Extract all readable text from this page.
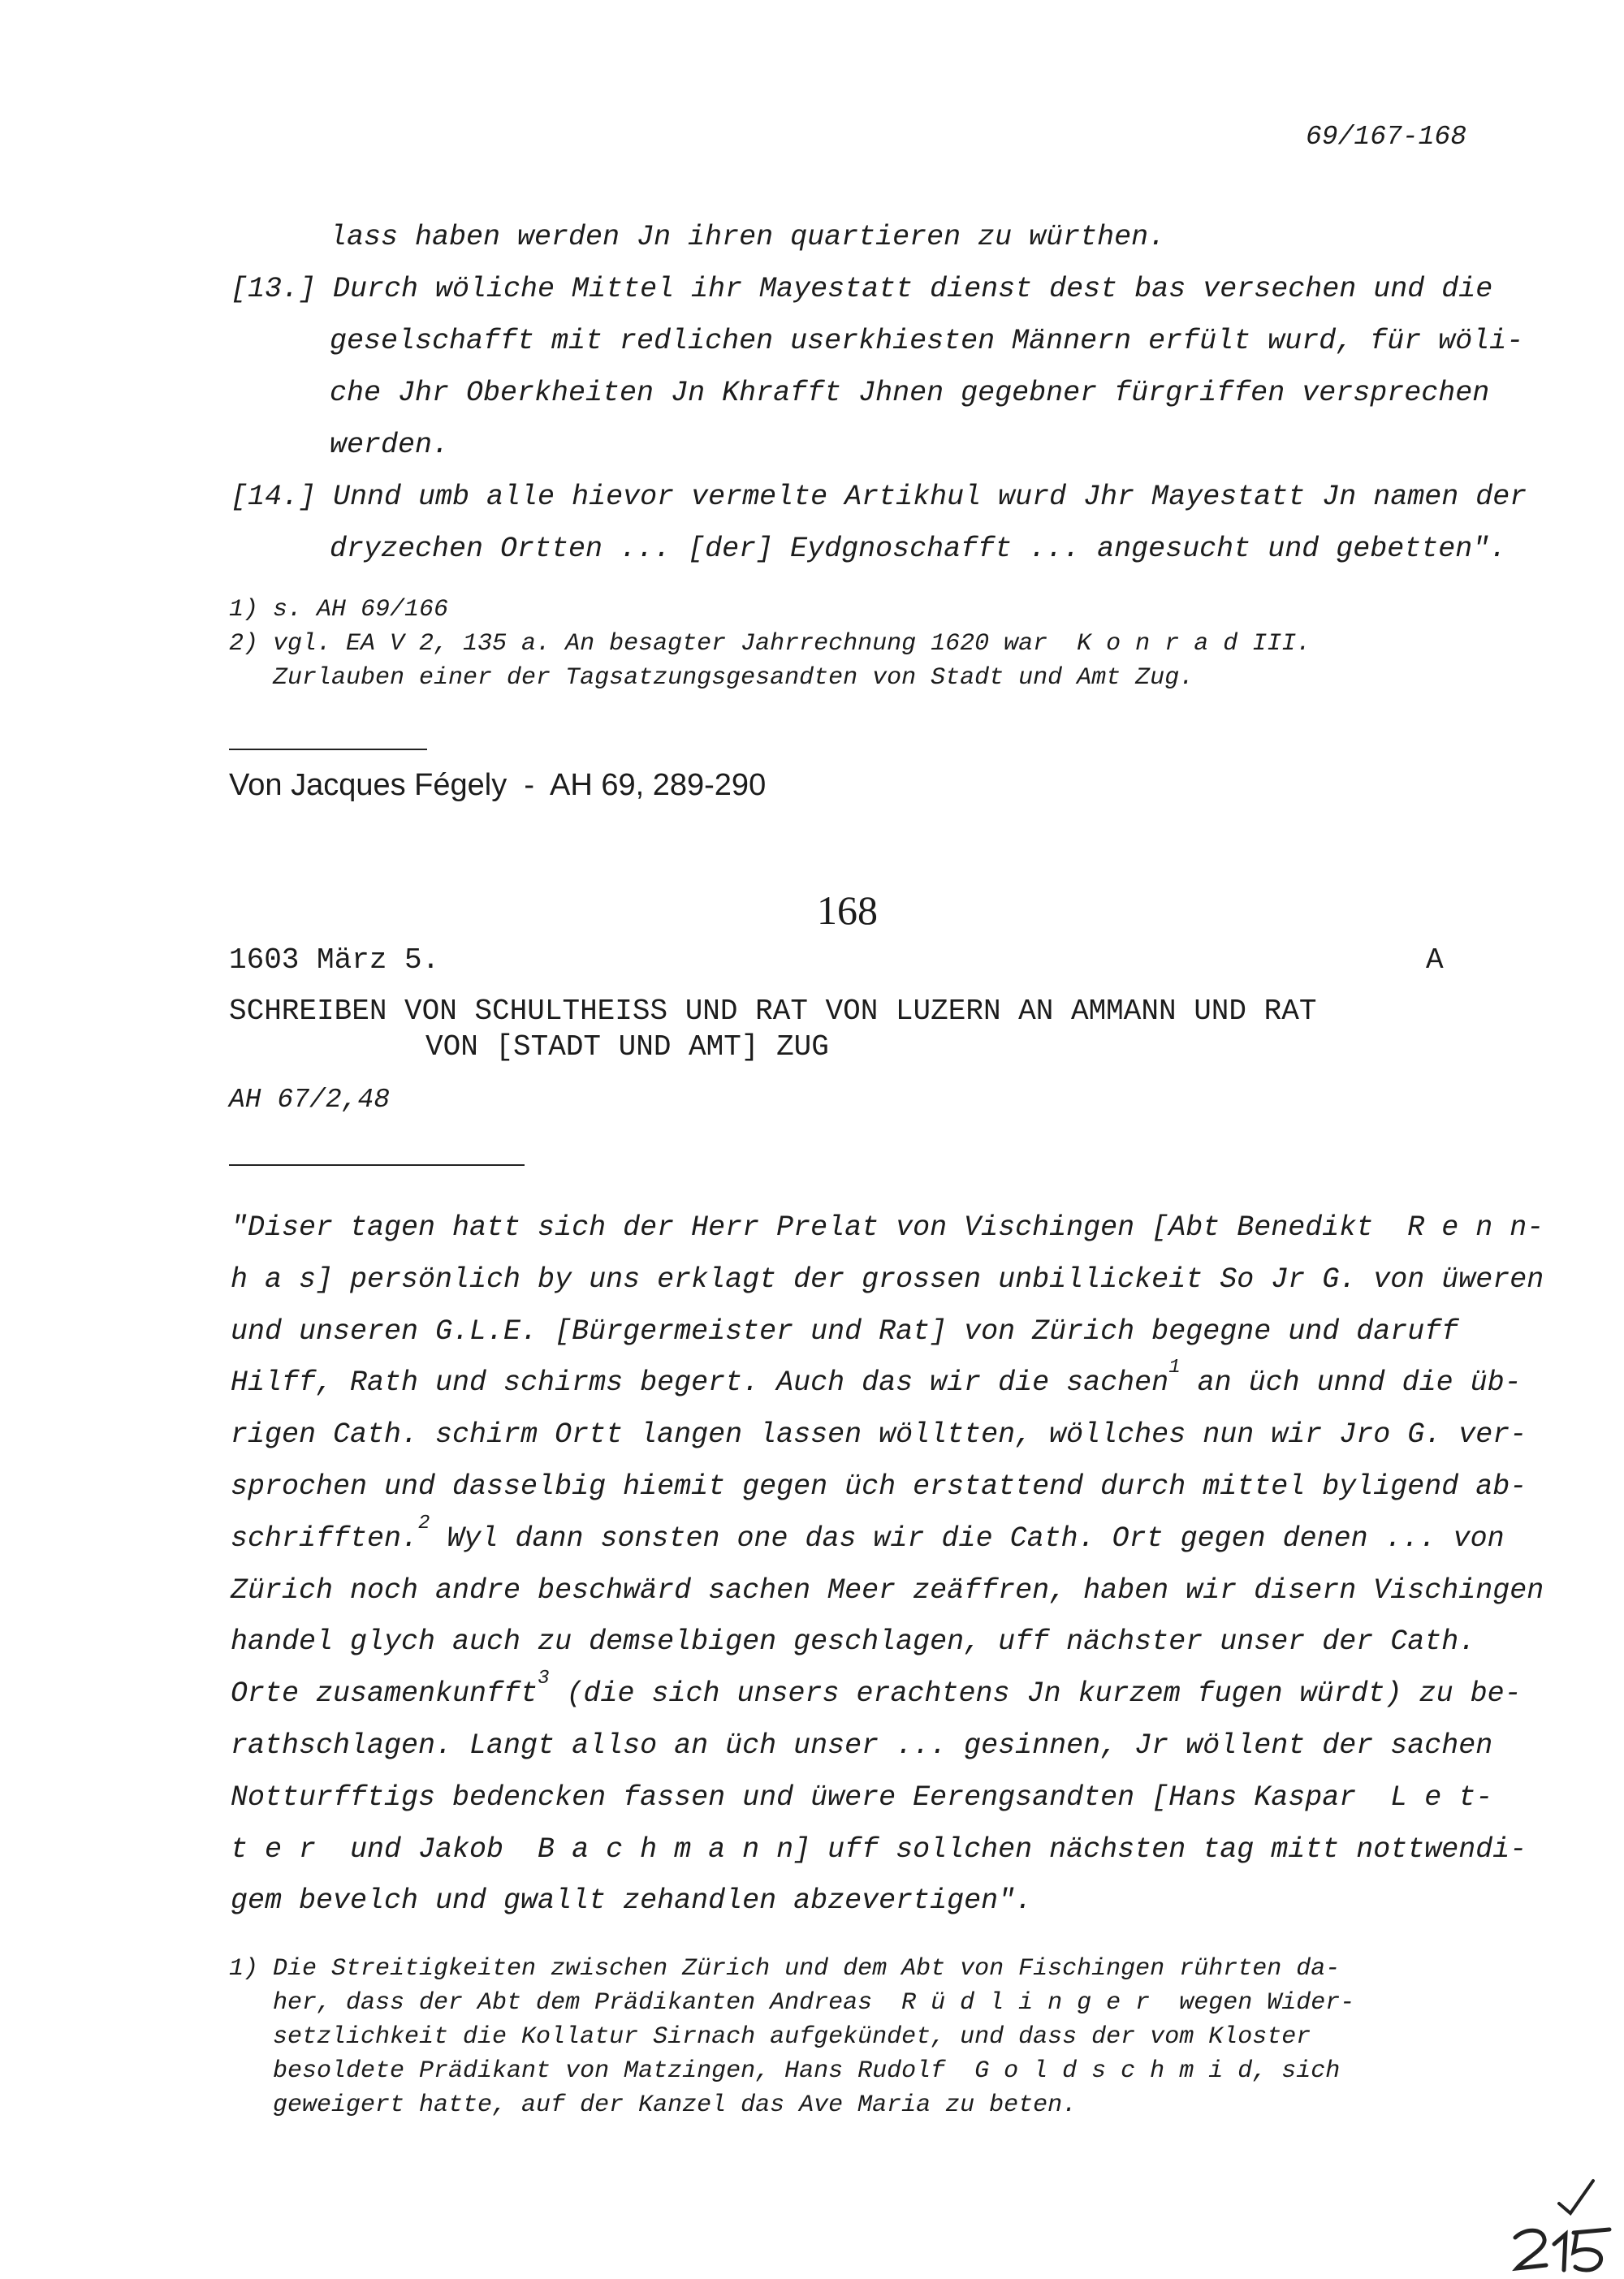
69/167-168
lass haben werden Jn ihren quartieren zu würthen.
[13.] Durch wöliche Mittel ihr Mayestatt dienst dest bas versechen und die
geselschafft mit redlichen userkhiesten Männern erfült wurd, für wöli-
che Jhr Oberkheiten Jn Khrafft Jhnen gegebner fürgriffen versprechen
werden.
[14.] Unnd umb alle hievor vermelte Artikhul wurd Jhr Mayestatt Jn namen der
dryzechen Ortten ... [der] Eydgnoschafft ... angesucht und gebetten".
1) s. AH 69/166
2) vgl. EA V 2, 135 a. An besagter Jahrrechnung 1620 war  K o n r a d III.
Zurlauben einer der Tagsatzungsgesandten von Stadt und Amt Zug.
Von Jacques Fégely  -  AH 69, 289-290
168
1603 März 5.	A
SCHREIBEN VON SCHULTHEISS UND RAT VON LUZERN AN AMMANN UND RAT
VON [STADT UND AMT] ZUG
AH 67/2,48
"Diser tagen hatt sich der Herr Prelat von Vischingen [Abt Benedikt  R e n n-
h a s] persönlich by uns erklagt der grossen unbillickeit So Jr G. von üweren
und unseren G.L.E. [Bürgermeister und Rat] von Zürich begegne und daruff
Hilff, Rath und schirms begert. Auch das wir die sachen$^1$ an üch unnd die üb-
rigen Cath. schirm Ortt langen lassen wölltten, wöllches nun wir Jro G. ver-
sprochen und dasselbig hiemit gegen üch erstattend durch mittel byligend ab-
schrifften.$^2$ Wyl dann sonsten one das wir die Cath. Ort gegen denen ... von
Zürich noch andre beschwärd sachen Meer zeäffren, haben wir disern Vischingen
handel glych auch zu demselbigen geschlagen, uff nächster unser der Cath.
Orte zusamenkunfft$^3$ (die sich unsers erachtens Jn kurzem fugen würdt) zu be-
rathschlagen. Langt allso an üch unser ... gesinnen, Jr wöllent der sachen
Notturfftigs bedencken fassen und üwere Eerengsandten [Hans Kaspar  L e t-
t e r  und Jakob  B a c h m a n n] uff sollchen nächsten tag mitt nottwendi-
gem bevelch und gwallt zehandlen abzevertigen".
1) Die Streitigkeiten zwischen Zürich und dem Abt von Fischingen rührten da-
her, dass der Abt dem Prädikanten Andreas  R ü d l i n g e r  wegen Wider-
setzlichkeit die Kollatur Sirnach aufgekündet, und dass der vom Kloster
besoldete Prädikant von Matzingen, Hans Rudolf  G o l d s c h m i d, sich
geweigert hatte, auf der Kanzel das Ave Maria zu beten.
